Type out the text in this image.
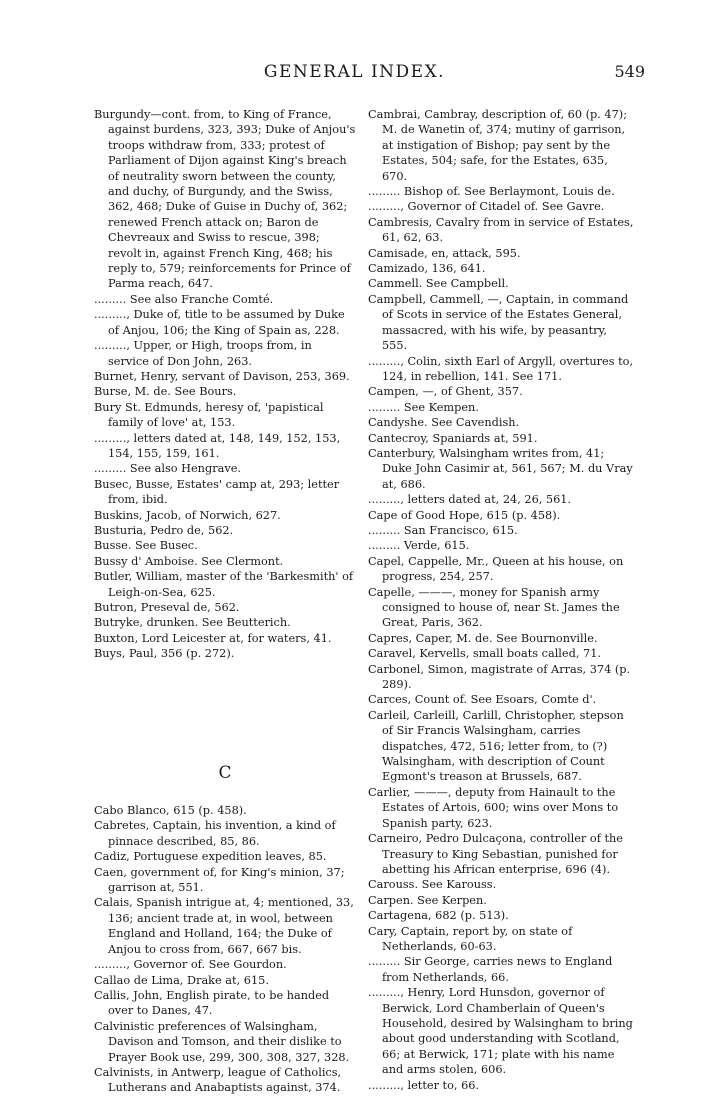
GENERAL INDEX.	549

Burgundy—cont. from, to King of France, against burdens, 323, 393; Duke of Anjou's troops withdraw from, 333; protest of Parliament of Dijon against King's breach of neutrality sworn between the county, and duchy, of Burgundy, and the Swiss, 362, 468; Duke of Guise in Duchy of, 362; renewed French attack on; Baron de Chevreaux and Swiss to rescue, 398; revolt in, against French King, 468; his reply to, 579; reinforcements for Prince of Parma reach, 647.

......... See also Franche Comté.

........., Duke of, title to be assumed by Duke of Anjou, 106; the King of Spain as, 228.

........., Upper, or High, troops from, in service of Don John, 263.

Burnet, Henry, servant of Davison, 253, 369.

Burse, M. de. See Bours.

Bury St. Edmunds, heresy of, 'papistical family of love' at, 153.

........., letters dated at, 148, 149, 152, 153, 154, 155, 159, 161.

......... See also Hengrave.

Busec, Busse, Estates' camp at, 293; letter from, ibid.

Buskins, Jacob, of Norwich, 627.

Busturia, Pedro de, 562.

Busse. See Busec.

Bussy d' Amboise. See Clermont.

Butler, William, master of the 'Barkesmith' of Leigh-on-Sea, 625.

Butron, Preseval de, 562.

Butryke, drunken. See Beutterich.

Buxton, Lord Leicester at, for waters, 41.

Buys, Paul, 356 (p. 272).

C

Cabo Blanco, 615 (p. 458).

Cabretes, Captain, his invention, a kind of pinnace described, 85, 86.

Cadiz, Portuguese expedition leaves, 85.

Caen, government of, for King's minion, 37; garrison at, 551.

Calais, Spanish intrigue at, 4; mentioned, 33, 136; ancient trade at, in wool, between England and Holland, 164; the Duke of Anjou to cross from, 667, 667 bis.

........., Governor of. See Gourdon.

Callao de Lima, Drake at, 615.

Callis, John, English pirate, to be handed over to Danes, 47.

Calvinistic preferences of Walsingham, Davison and Tomson, and their dislike to Prayer Book use, 299, 300, 308, 327, 328.

Calvinists, in Antwerp, league of Catholics, Lutherans and Anabaptists against, 374.

Cambrai, Cambray, description of, 60 (p. 47); M. de Wanetin of, 374; mutiny of garrison, at instigation of Bishop; pay sent by the Estates, 504; safe, for the Estates, 635, 670.

......... Bishop of. See Berlaymont, Louis de.

........., Governor of Citadel of. See Gavre.

Cambresis, Cavalry from in service of Estates, 61, 62, 63.

Camisade, en, attack, 595.

Camizado, 136, 641.

Cammell. See Campbell.

Campbell, Cammell, —, Captain, in command of Scots in service of the Estates General, massacred, with his wife, by peasantry, 555.

........., Colin, sixth Earl of Argyll, overtures to, 124, in rebellion, 141. See 171.

Campen, —, of Ghent, 357.

......... See Kempen.

Candyshe. See Cavendish.

Cantecroy, Spaniards at, 591.

Canterbury, Walsingham writes from, 41; Duke John Casimir at, 561, 567; M. du Vray at, 686.

........., letters dated at, 24, 26, 561.

Cape of Good Hope, 615 (p. 458).

......... San Francisco, 615.

......... Verde, 615.

Capel, Cappelle, Mr., Queen at his house, on progress, 254, 257.

Capelle, ———, money for Spanish army consigned to house of, near St. James the Great, Paris, 362.

Capres, Caper, M. de. See Bournonville.

Caravel, Kervells, small boats called, 71.

Carbonel, Simon, magistrate of Arras, 374 (p. 289).

Carces, Count of. See Esoars, Comte d'.

Carleil, Carleill, Carlill, Christopher, stepson of Sir Francis Walsingham, carries dispatches, 472, 516; letter from, to (?) Walsingham, with description of Count Egmont's treason at Brussels, 687.

Carlier, ———, deputy from Hainault to the Estates of Artois, 600; wins over Mons to Spanish party, 623.

Carneiro, Pedro Dulcaçona, controller of the Treasury to King Sebastian, punished for abetting his African enterprise, 696 (4).

Carouss. See Karouss.

Carpen. See Kerpen.

Cartagena, 682 (p. 513).

Cary, Captain, report by, on state of Netherlands, 60-63.

......... Sir George, carries news to England from Netherlands, 66.

........., Henry, Lord Hunsdon, governor of Berwick, Lord Chamberlain of Queen's Household, desired by Walsingham to bring about good understanding with Scotland, 66; at Berwick, 171; plate with his name and arms stolen, 606.

........., letter to, 66.
